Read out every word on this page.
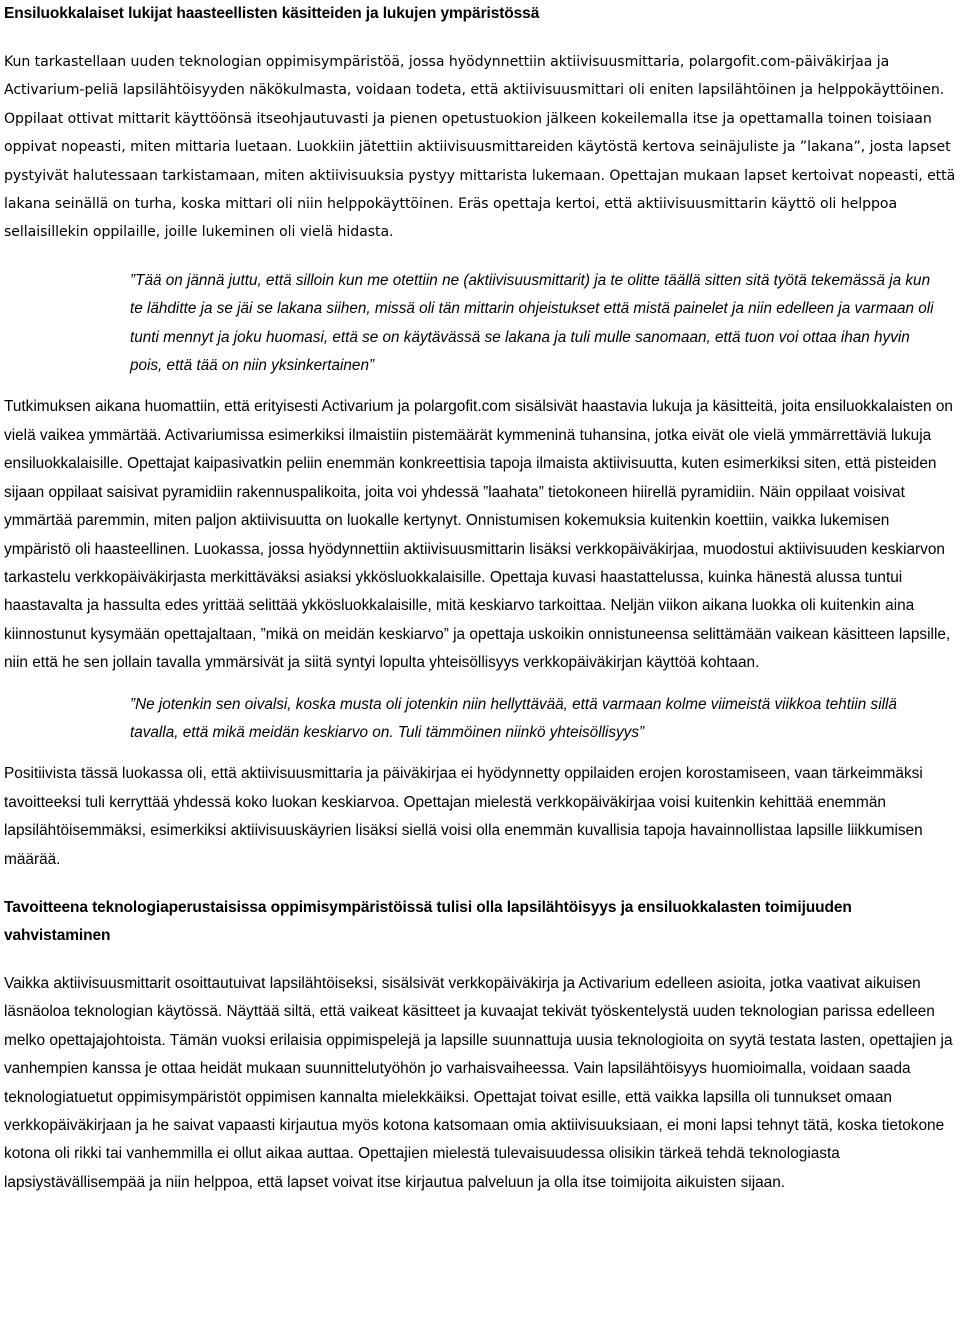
Ensiluokkalaiset lukijat haasteellisten käsitteiden ja lukujen ympäristössä

Kun tarkastellaan uuden teknologian oppimisympäristöä, jossa hyödynnettiin aktiivisuusmittaria, polargofit.com-päiväkirjaa ja Activarium-peliä lapsilähtöisyyden näkökulmasta, voidaan todeta, että aktiivisuusmittari oli eniten lapsilähtöinen ja helppokäyttöinen. Oppilaat ottivat mittarit käyttöönsä itseohjautuvasti ja pienen opetustuokion jälkeen kokeilemalla itse ja opettamalla toinen toisiaan oppivat nopeasti, miten mittaria luetaan. Luokkiin jätettiin aktiivisuusmittareiden käytöstä kertova seinäjuliste ja ”lakana”, josta lapset pystyivät halutessaan tarkistamaan, miten aktiivisuuksia pystyy mittarista lukemaan. Opettajan mukaan lapset kertoivat nopeasti, että lakana seinällä on turha, koska mittari oli niin helppokäyttöinen. Eräs opettaja kertoi, että aktiivisuusmittarin käyttö oli helppoa sellaisillekin oppilaille, joille lukeminen oli vielä hidasta.

”Tää on jännä juttu, että silloin kun me otettiin ne (aktiivisuusmittarit) ja te olitte täällä sitten sitä työtä tekemässä ja kun te lähditte ja se jäi se lakana siihen, missä oli tän mittarin ohjeistukset että mistä painelet ja niin edelleen ja varmaan oli tunti mennyt ja joku huomasi, että se on käytävässä se lakana ja tuli mulle sanomaan, että tuon voi ottaa ihan hyvin pois, että tää on niin yksinkertainen”

Tutkimuksen aikana huomattiin, että erityisesti Activarium ja polargofit.com sisälsivät haastavia lukuja ja käsitteitä, joita ensiluokkalaisten on vielä vaikea ymmärtää. Activariumissa esimerkiksi ilmaistiin pistemäärät kymmeninä tuhansina, jotka eivät ole vielä ymmärrettäviä lukuja ensiluokkalaisille. Opettajat kaipasivatkin peliin enemmän konkreettisia tapoja ilmaista aktiivisuutta, kuten esimerkiksi siten, että pisteiden sijaan oppilaat saisivat pyramidiin rakennuspalikoita, joita voi yhdessä ”laahata” tietokoneen hiirellä pyramidiin. Näin oppilaat voisivat ymmärtää paremmin, miten paljon aktiivisuutta on luokalle kertynyt. Onnistumisen kokemuksia kuitenkin koettiin, vaikka lukemisen ympäristö oli haasteellinen. Luokassa, jossa hyödynnettiin aktiivisuusmittarin lisäksi verkkopäiväkirjaa, muodostui aktiivisuuden keskiarvon tarkastelu verkkopäiväkirjasta merkittäväksi asiaksi ykkösluokkalaisille. Opettaja kuvasi haastattelussa, kuinka hänestä alussa tuntui haastavalta ja hassulta edes yrittää selittää ykkösluokkalaisille, mitä keskiarvo tarkoittaa. Neljän viikon aikana luokka oli kuitenkin aina kiinnostunut kysymään opettajaltaan, ”mikä on meidän keskiarvo” ja opettaja uskoikin onnistuneensa selittämään vaikean käsitteen lapsille, niin että he sen jollain tavalla ymmärsivät ja siitä syntyi lopulta yhteisöllisyys verkkopäiväkirjan käyttöä kohtaan.

”Ne jotenkin sen oivalsi, koska musta oli jotenkin niin hellyttävää, että varmaan kolme viimeistä viikkoa tehtiin sillä tavalla, että mikä meidän keskiarvo on. Tuli tämmöinen niinkö yhteisöllisyys”

Positiivista tässä luokassa oli, että aktiivisuusmittaria ja päiväkirjaa ei hyödynnetty oppilaiden erojen korostamiseen, vaan tärkeimmäksi tavoitteeksi tuli kerryttää yhdessä koko luokan keskiarvoa. Opettajan mielestä verkkopäiväkirjaa voisi kuitenkin kehittää enemmän lapsilähtöisemmäksi, esimerkiksi aktiivisuuskäyrien lisäksi siellä voisi olla enemmän kuvallisia tapoja havainnollistaa lapsille liikkumisen määrää.

Tavoitteena teknologiaperustaisissa oppimisympäristöissä tulisi olla lapsilähtöisyys ja ensiluokkalasten toimijuuden vahvistaminen

Vaikka aktiivisuusmittarit osoittautuivat lapsilähtöiseksi, sisälsivät verkkopäiväkirja ja Activarium edelleen asioita, jotka vaativat aikuisen läsnäoloa teknologian käytössä. Näyttää siltä, että vaikeat käsitteet ja kuvaajat tekivät työskentelystä uuden teknologian parissa edelleen melko opettajajohtoista. Tämän vuoksi erilaisia oppimispelejä ja lapsille suunnattuja uusia teknologioita on syytä testata lasten, opettajien ja vanhempien kanssa je ottaa heidät mukaan suunnittelutyöhön jo varhaisvaiheessa. Vain lapsilähtöisyys huomioimalla, voidaan saada teknologiatuetut oppimisympäristöt oppimisen kannalta mielekkäiksi. Opettajat toivat esille, että vaikka lapsilla oli tunnukset omaan verkkopäiväkirjaan ja he saivat vapaasti kirjautua myös kotona katsomaan omia aktiivisuuksiaan, ei moni lapsi tehnyt tätä, koska tietokone kotona oli rikki tai vanhemmilla ei ollut aikaa auttaa. Opettajien mielestä tulevaisuudessa olisikin tärkeä tehdä teknologiasta lapsiystävällisempää ja niin helppoa, että lapset voivat itse kirjautua palveluun ja olla itse toimijoita aikuisten sijaan.
